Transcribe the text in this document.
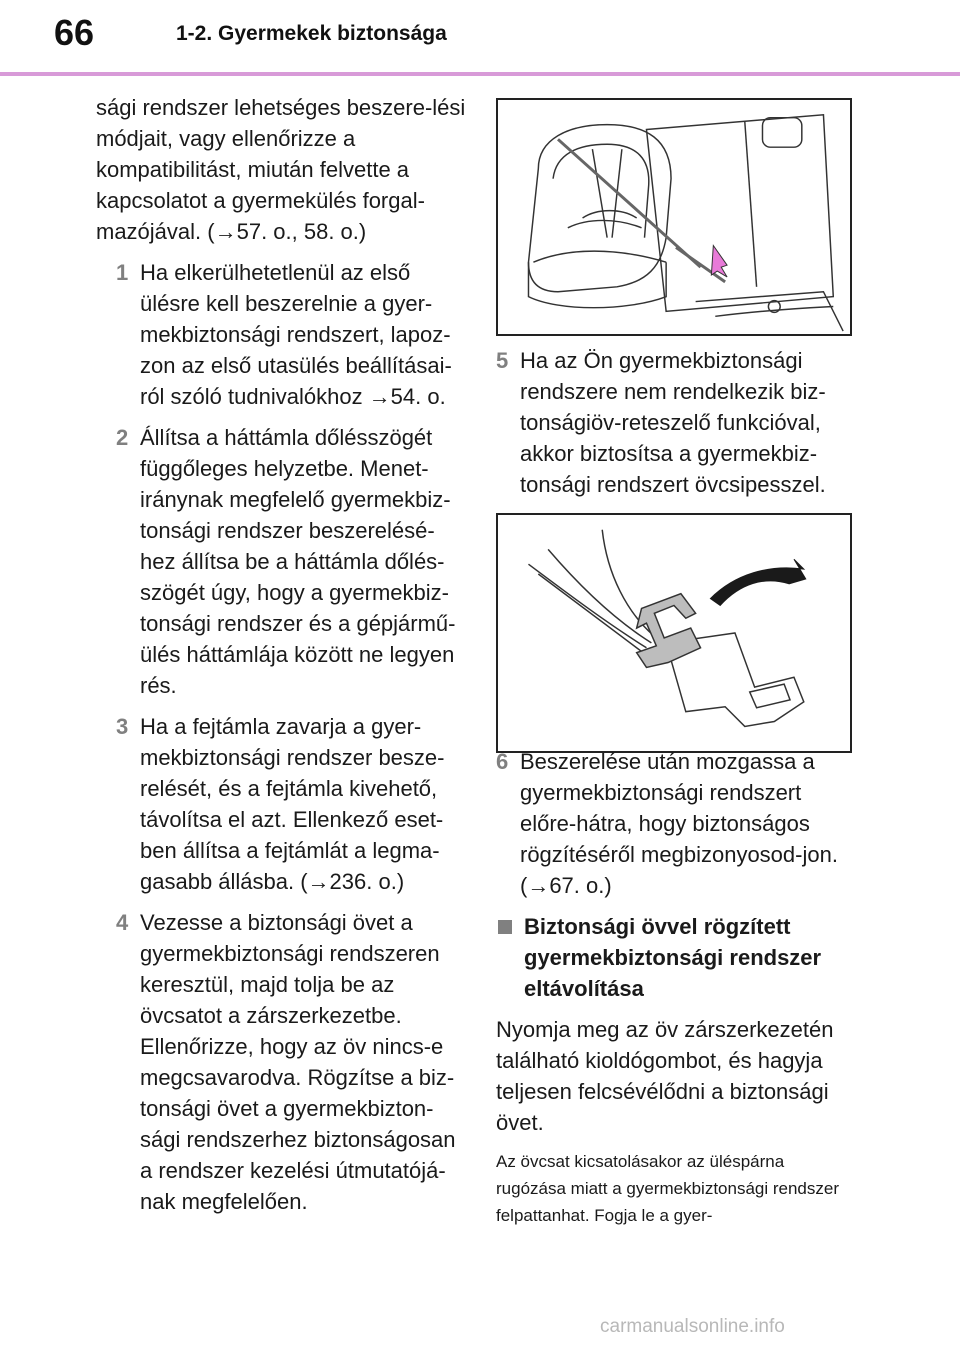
66	1-2. Gyermekek biztonsága

sági rendszer lehetséges beszere-lési módjait, vagy ellenőrizze a kompatibilitást, miután felvette a kapcsolatot a gyermekülés forgal-mazójával. (→57. o., 58. o.)

1 Ha elkerülhetetlenül az első ülésre kell beszerelnie a gyer-mekbiztonsági rendszert, lapoz-zon az első utasülés beállításai-ról szóló tudnivalókhoz →54. o.
2 Állítsa a háttámla dőlésszögét függőleges helyzetbe. Menet-iránynak megfelelő gyermekbiz-tonsági rendszer beszerelésé-hez állítsa be a háttámla dőlés-szögét úgy, hogy a gyermekbiz-tonsági rendszer és a gépjármű-ülés háttámlája között ne legyen rés.
3 Ha a fejtámla zavarja a gyer-mekbiztonsági rendszer besze-relését, és a fejtámla kivehető, távolítsa el azt. Ellenkező eset-ben állítsa a fejtámlát a legma-gasabb állásba. (→236. o.)
4 Vezesse a biztonsági övet a gyermekbiztonsági rendszeren keresztül, majd tolja be az övcsatot a zárszerkezetbe. Ellenőrizze, hogy az öv nincs-e megcsavarodva. Rögzítse a biz-tonsági övet a gyermekbizton-sági rendszerhez biztonságosan a rendszer kezelési útmutatójá-nak megfelelően.
5 Ha az Ön gyermekbiztonsági rendszere nem rendelkezik biz-tonságiöv-reteszelő funkcióval, akkor biztosítsa a gyermekbiz-tonsági rendszert övcsipesszel.
6 Beszerelése után mozgassa a gyermekbiztonsági rendszert előre-hátra, hogy biztonságos rögzítéséről megbizonyosod-jon. (→67. o.)
Biztonsági övvel rögzített gyermekbiztonsági rendszer eltávolítása

Nyomja meg az öv zárszerkezetén található kioldógombot, és hagyja teljesen felcsévélődni a biztonsági övet.

Az övcsat kicsatolásakor az üléspárna rugózása miatt a gyermekbiztonsági rendszer felpattanhat. Fogja le a gyer-

carmanualsonline.info
